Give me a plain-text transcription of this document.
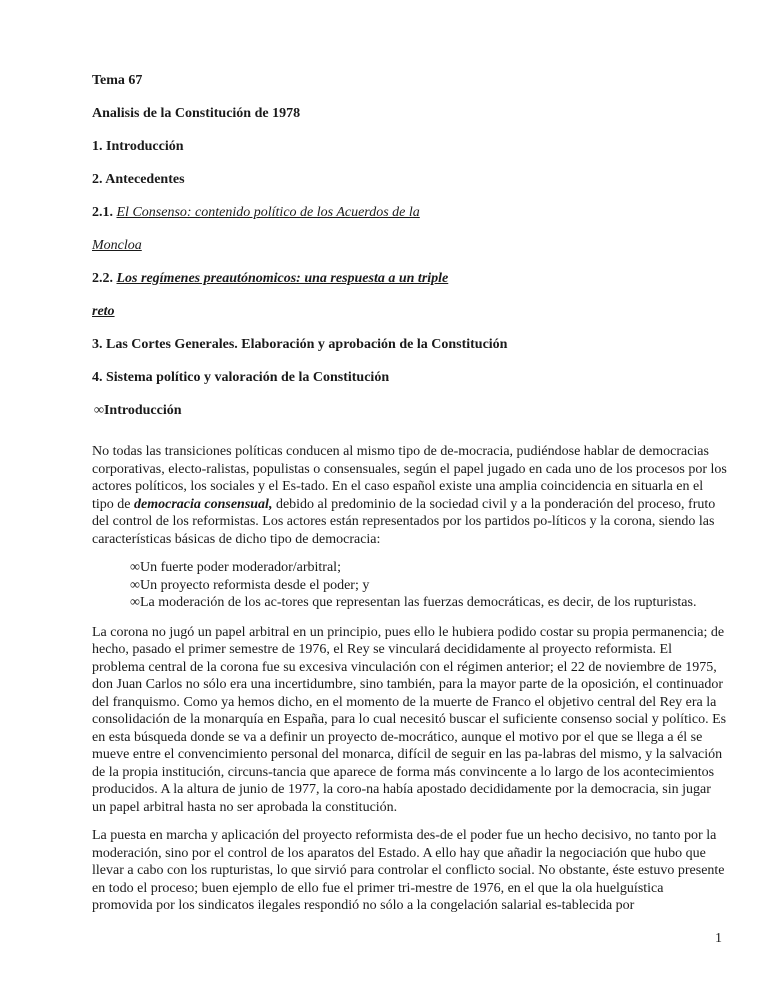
Tema 67

Analisis de la Constitución de 1978

1. Introducción

2. Antecedentes

2.1. El Consenso: contenido político de los Acuerdos de la

Moncloa

2.2. Los regímenes preautónomicos: una respuesta a un triple

reto

3. Las Cortes Generales. Elaboración y aprobación de la Constitución

4. Sistema político y valoración de la Constitución

∞Introducción

No todas las transiciones políticas conducen al mismo tipo de de-mocracia, pudiéndose hablar de democracias corporativas, electo-ralistas, populistas o consensuales, según el papel jugado en cada uno de los procesos por los actores políticos, los sociales y el Es-tado. En el caso español existe una amplia coincidencia en situarla en el tipo de democracia consensual, debido al predominio de la sociedad civil y a la ponderación del proceso, fruto del control de los reformistas. Los actores están representados por los partidos po-líticos y la corona, siendo las características básicas de dicho tipo de democracia:

∞Un fuerte poder moderador/arbitral;
∞Un proyecto reformista desde el poder; y
∞La moderación de los ac-tores que representan las fuerzas democráticas, es decir, de los rupturistas.

La corona no jugó un papel arbitral en un principio, pues ello le hubiera podido costar su propia permanencia; de hecho, pasado el primer semestre de 1976, el Rey se vinculará decididamente al proyecto reformista. El problema central de la corona fue su excesiva vinculación con el régimen anterior; el 22 de noviembre de 1975, don Juan Carlos no sólo era una incertidumbre, sino también, para la mayor parte de la oposición, el continuador del franquismo. Como ya hemos dicho, en el momento de la muerte de Franco el objetivo central del Rey era la consolidación de la monarquía en España, para lo cual necesitó buscar el suficiente consenso social y político. Es en esta búsqueda donde se va a definir un proyecto de-mocrático, aunque el motivo por el que se llega a él se mueve entre el convencimiento personal del monarca, difícil de seguir en las pa-labras del mismo, y la salvación de la propia institución, circuns-tancia que aparece de forma más convincente a lo largo de los acontecimientos producidos. A la altura de junio de 1977, la coro-na había apostado decididamente por la democracia, sin jugar un papel arbitral hasta no ser aprobada la constitución.

La puesta en marcha y aplicación del proyecto reformista des-de el poder fue un hecho decisivo, no tanto por la moderación, sino por el control de los aparatos del Estado. A ello hay que añadir la negociación que hubo que llevar a cabo con los rupturistas, lo que sirvió para controlar el conflicto social. No obstante, éste estuvo presente en todo el proceso; buen ejemplo de ello fue el primer tri-mestre de 1976, en el que la ola huelguística promovida por los sindicatos ilegales respondió no sólo a la congelación salarial es-tablecida por

1
